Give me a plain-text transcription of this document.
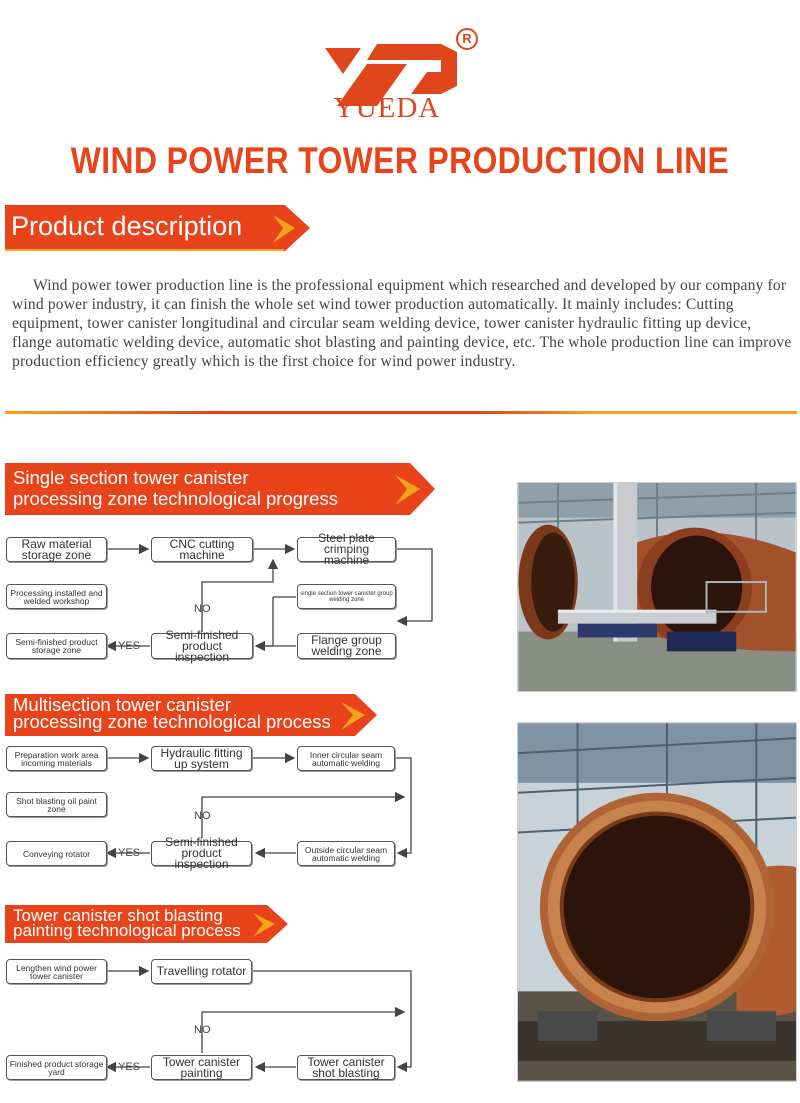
R
YUEDA
WIND POWER TOWER PRODUCTION LINE
Product description
Wind power tower production line is the professional equipment which researched and developed by our company for wind power industry, it can finish the whole set wind tower production automatically. It mainly includes: Cutting equipment, tower canister longitudinal and circular seam welding device, tower canister hydraulic fitting up device, flange automatic welding device, automatic shot blasting and painting device, etc. The whole production line can improve production efficiency greatly which is the first choice for wind power industry.
Single section tower canister
processing zone technological progress
Multisection tower canister
processing zone technological process
Tower canister shot blasting
painting technological process
Raw material storage zone
CNC cutting machine
Steel plate crimping machine
Processing installed and welded workshop
single section tower canister group welding zone
Semi-finished product storage zone
Semi-finished product inspection
Flange group welding zone
YES
NO
Preparation work area incoming materials
Hydraulic fitting up system
Inner circular seam automatic welding
Shot blasting oil paint zone
Conveying rotator
Semi-finished product inspection
Outside circular seam automatic welding
YES
NO
Lengthen wind power tower canister	Travelling rotator
Finished product storage yard
Tower canister painting
Tower canister shot blasting
YES
NO
